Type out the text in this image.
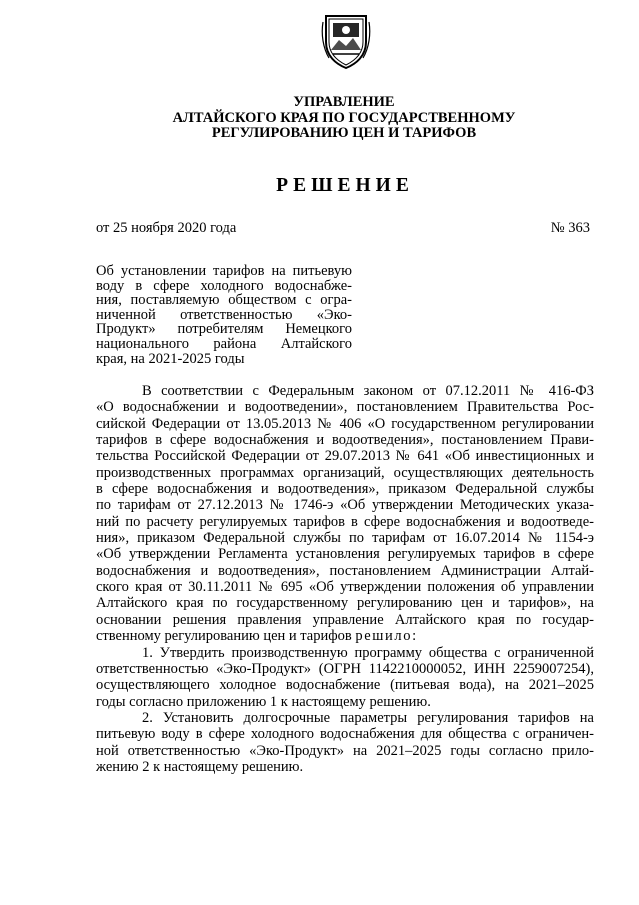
УПРАВЛЕНИЕ
АЛТАЙСКОГО КРАЯ ПО ГОСУДАРСТВЕННОМУ
РЕГУЛИРОВАНИЮ ЦЕН И ТАРИФОВ
РЕШЕНИЕ
от 25 ноября 2020 года	№ 363
Об установлении тарифов на питьевую
воду в сфере холодного водоснабже-
ния, поставляемую обществом с огра-
ниченной ответственностью «Эко-
Продукт» потребителям Немецкого
национального района Алтайского
края, на 2021-2025 годы
В соответствии с Федеральным законом от 07.12.2011 № 416-ФЗ
«О водоснабжении и водоотведении», постановлением Правительства Рос-
сийской Федерации от 13.05.2013 № 406 «О государственном регулировании
тарифов в сфере водоснабжения и водоотведения», постановлением Прави-
тельства Российской Федерации от 29.07.2013 № 641 «Об инвестиционных и
производственных программах организаций, осуществляющих деятельность
в сфере водоснабжения и водоотведения», приказом Федеральной службы
по тарифам от 27.12.2013 № 1746-э «Об утверждении Методических указа-
ний по расчету регулируемых тарифов в сфере водоснабжения и водоотведе-
ния», приказом Федеральной службы по тарифам от 16.07.2014 № 1154-э
«Об утверждении Регламента установления регулируемых тарифов в сфере
водоснабжения и водоотведения», постановлением Администрации Алтай-
ского края от 30.11.2011 № 695 «Об утверждении положения об управлении
Алтайского края по государственному регулированию цен и тарифов», на
основании решения правления управление Алтайского края по государ-
ственному регулированию цен и тарифов решило:
1. Утвердить производственную программу общества с ограниченной
ответственностью «Эко-Продукт» (ОГРН 1142210000052, ИНН 2259007254),
осуществляющего холодное водоснабжение (питьевая вода), на 2021–2025
годы согласно приложению 1 к настоящему решению.
2. Установить долгосрочные параметры регулирования тарифов на
питьевую воду в сфере холодного водоснабжения для общества с ограничен-
ной ответственностью «Эко-Продукт» на 2021–2025 годы согласно прило-
жению 2 к настоящему решению.
